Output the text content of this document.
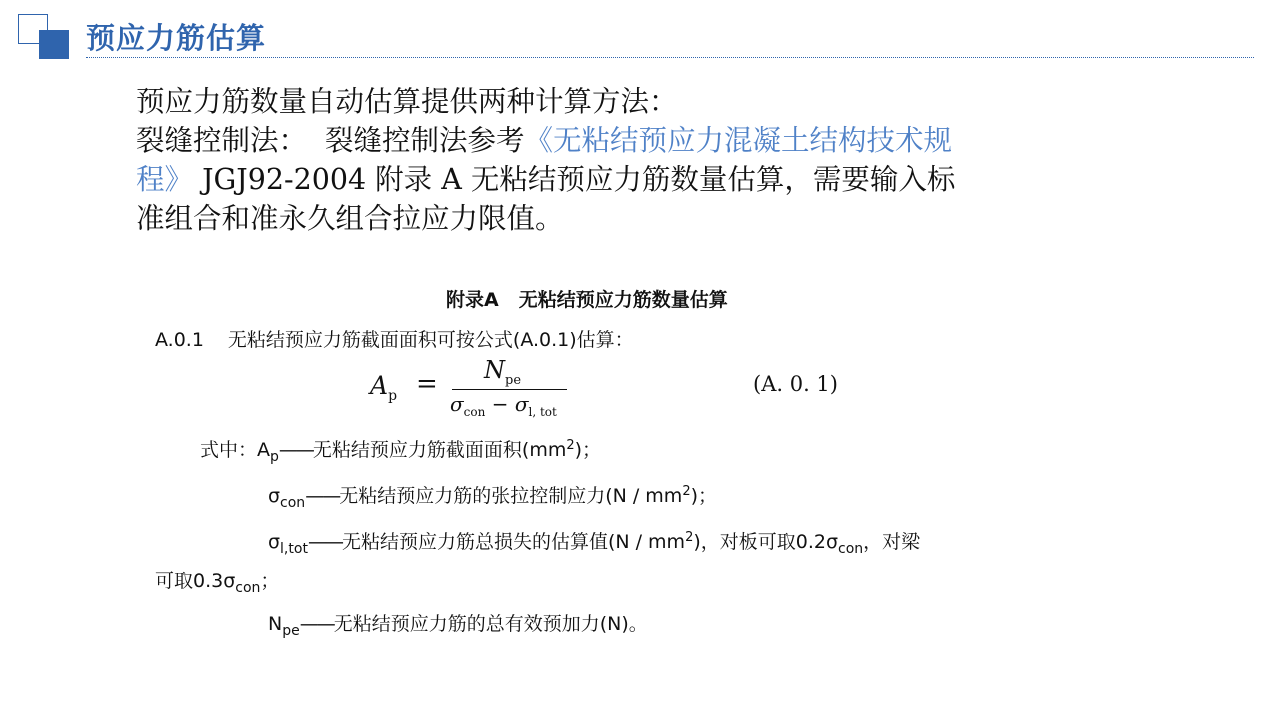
预应力筋估算
预应力筋数量自动估算提供两种计算方法：
裂缝控制法： 裂缝控制法参考《无粘结预应力混凝土结构技术规
程》 JGJ92-2004 附录 A 无粘结预应力筋数量估算，需要输入标
准组合和准永久组合拉应力限值。
附录A 无粘结预应力筋数量估算
A.0.1 无粘结预应力筋截面面积可按公式(A.0.1)估算：
$A_p = N_{pe}$
$\sigma_{con} - \sigma_{l, tot}$
(A. 0. 1)
式中：$A_p——$无粘结预应力筋截面面积$(mm^2)$；
$\sigma_{con}——$无粘结预应力筋的张拉控制应力$(N / mm^2)$；
$\sigma_{l,tot}——$无粘结预应力筋总损失的估算值$(N / mm^2)$，对板可取$0.2\sigma_{con}$，对梁
可取$0.3\sigma_{con}$；
$N_{pe}——$无粘结预应力筋的总有效预加力(N)。
